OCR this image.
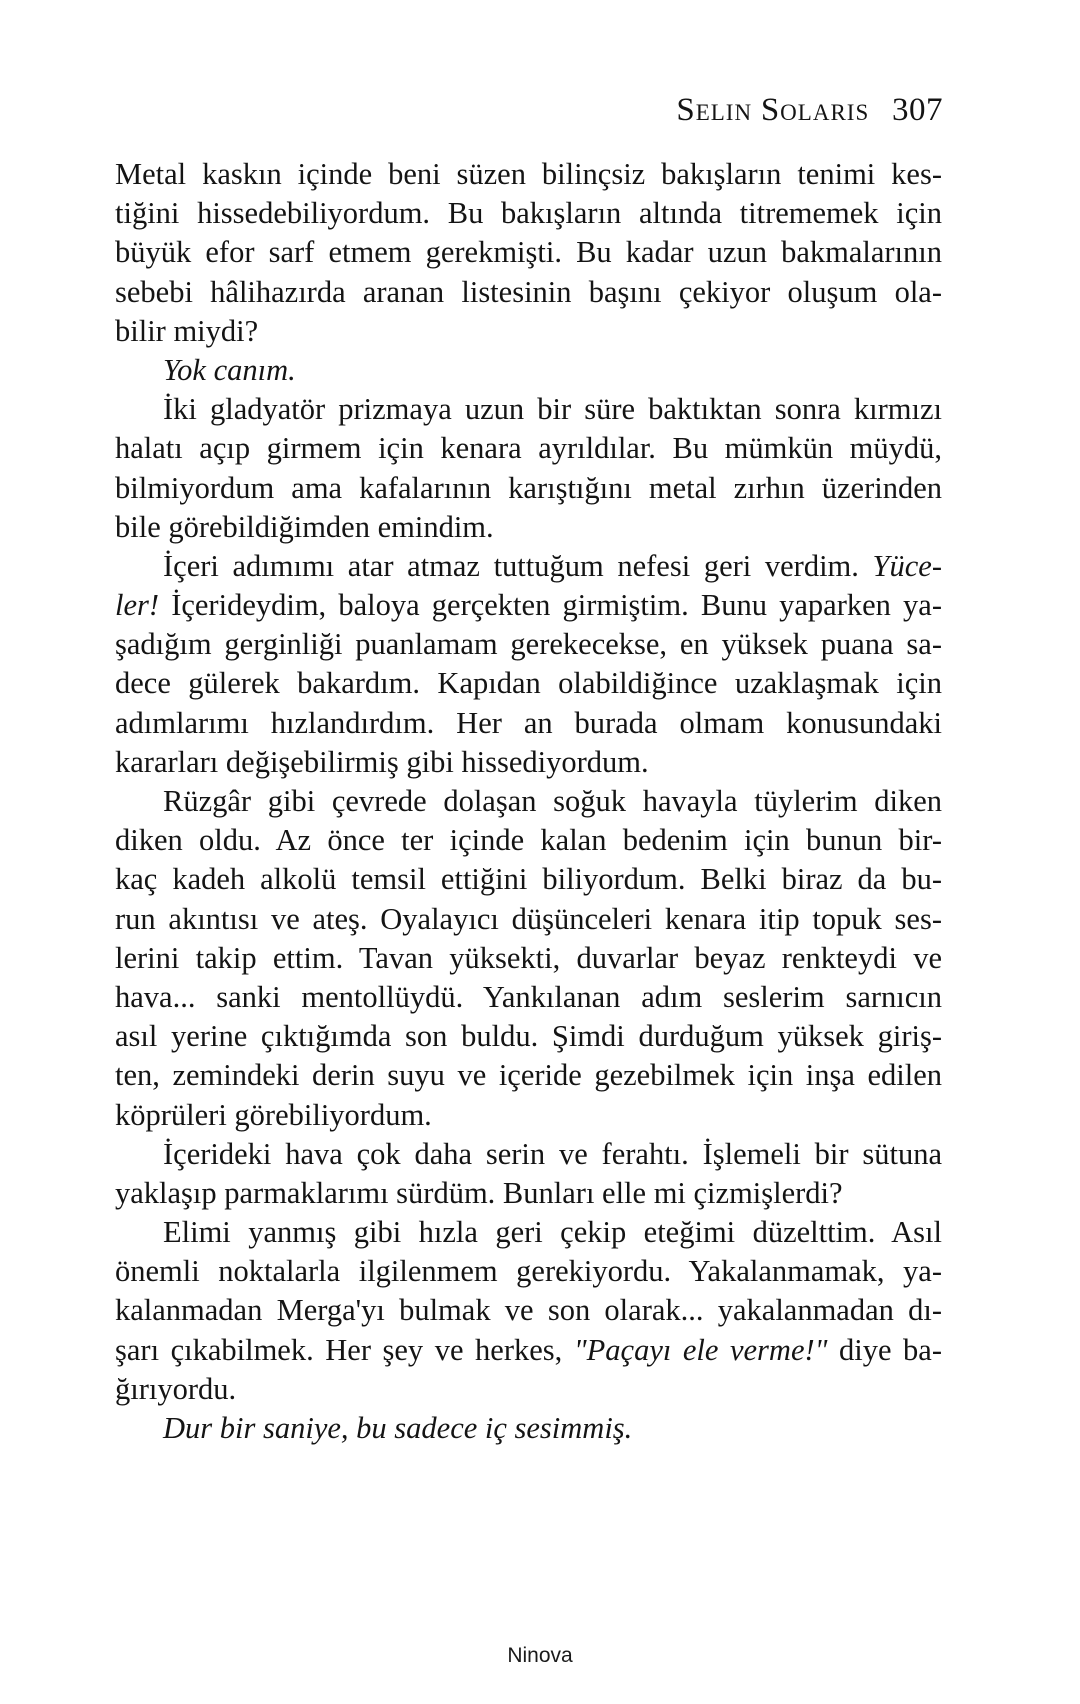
Selin Solaris 307
Metal kaskın içinde beni süzen bilinçsiz bakışların tenimi kes-
tiğini hissedebiliyordum. Bu bakışların altında titrememek için
büyük efor sarf etmem gerekmişti. Bu kadar uzun bakmalarının
sebebi hâlihazırda aranan listesinin başını çekiyor oluşum ola-
bilir miydi?
Yok canım.
İki gladyatör prizmaya uzun bir süre baktıktan sonra kırmızı
halatı açıp girmem için kenara ayrıldılar. Bu mümkün müydü,
bilmiyordum ama kafalarının karıştığını metal zırhın üzerinden
bile görebildiğimden emindim.
İçeri adımımı atar atmaz tuttuğum nefesi geri verdim. Yüce-
ler! İçerideydim, baloya gerçekten girmiştim. Bunu yaparken ya-
şadığım gerginliği puanlamam gerekecekse, en yüksek puana sa-
dece gülerek bakardım. Kapıdan olabildiğince uzaklaşmak için
adımlarımı hızlandırdım. Her an burada olmam konusundaki
kararları değişebilirmiş gibi hissediyordum.
Rüzgâr gibi çevrede dolaşan soğuk havayla tüylerim diken
diken oldu. Az önce ter içinde kalan bedenim için bunun bir-
kaç kadeh alkolü temsil ettiğini biliyordum. Belki biraz da bu-
run akıntısı ve ateş. Oyalayıcı düşünceleri kenara itip topuk ses-
lerini takip ettim. Tavan yüksekti, duvarlar beyaz renkteydi ve
hava... sanki mentollüydü. Yankılanan adım seslerim sarnıcın
asıl yerine çıktığımda son buldu. Şimdi durduğum yüksek giriş-
ten, zemindeki derin suyu ve içeride gezebilmek için inşa edilen
köprüleri görebiliyordum.
İçerideki hava çok daha serin ve ferahtı. İşlemeli bir sütuna
yaklaşıp parmaklarımı sürdüm. Bunları elle mi çizmişlerdi?
Elimi yanmış gibi hızla geri çekip eteğimi düzelttim. Asıl
önemli noktalarla ilgilenmem gerekiyordu. Yakalanmamak, ya-
kalanmadan Merga'yı bulmak ve son olarak... yakalanmadan dı-
şarı çıkabilmek. Her şey ve herkes, "Paçayı ele verme!" diye ba-
ğırıyordu.
Dur bir saniye, bu sadece iç sesimmiş.
Ninova
